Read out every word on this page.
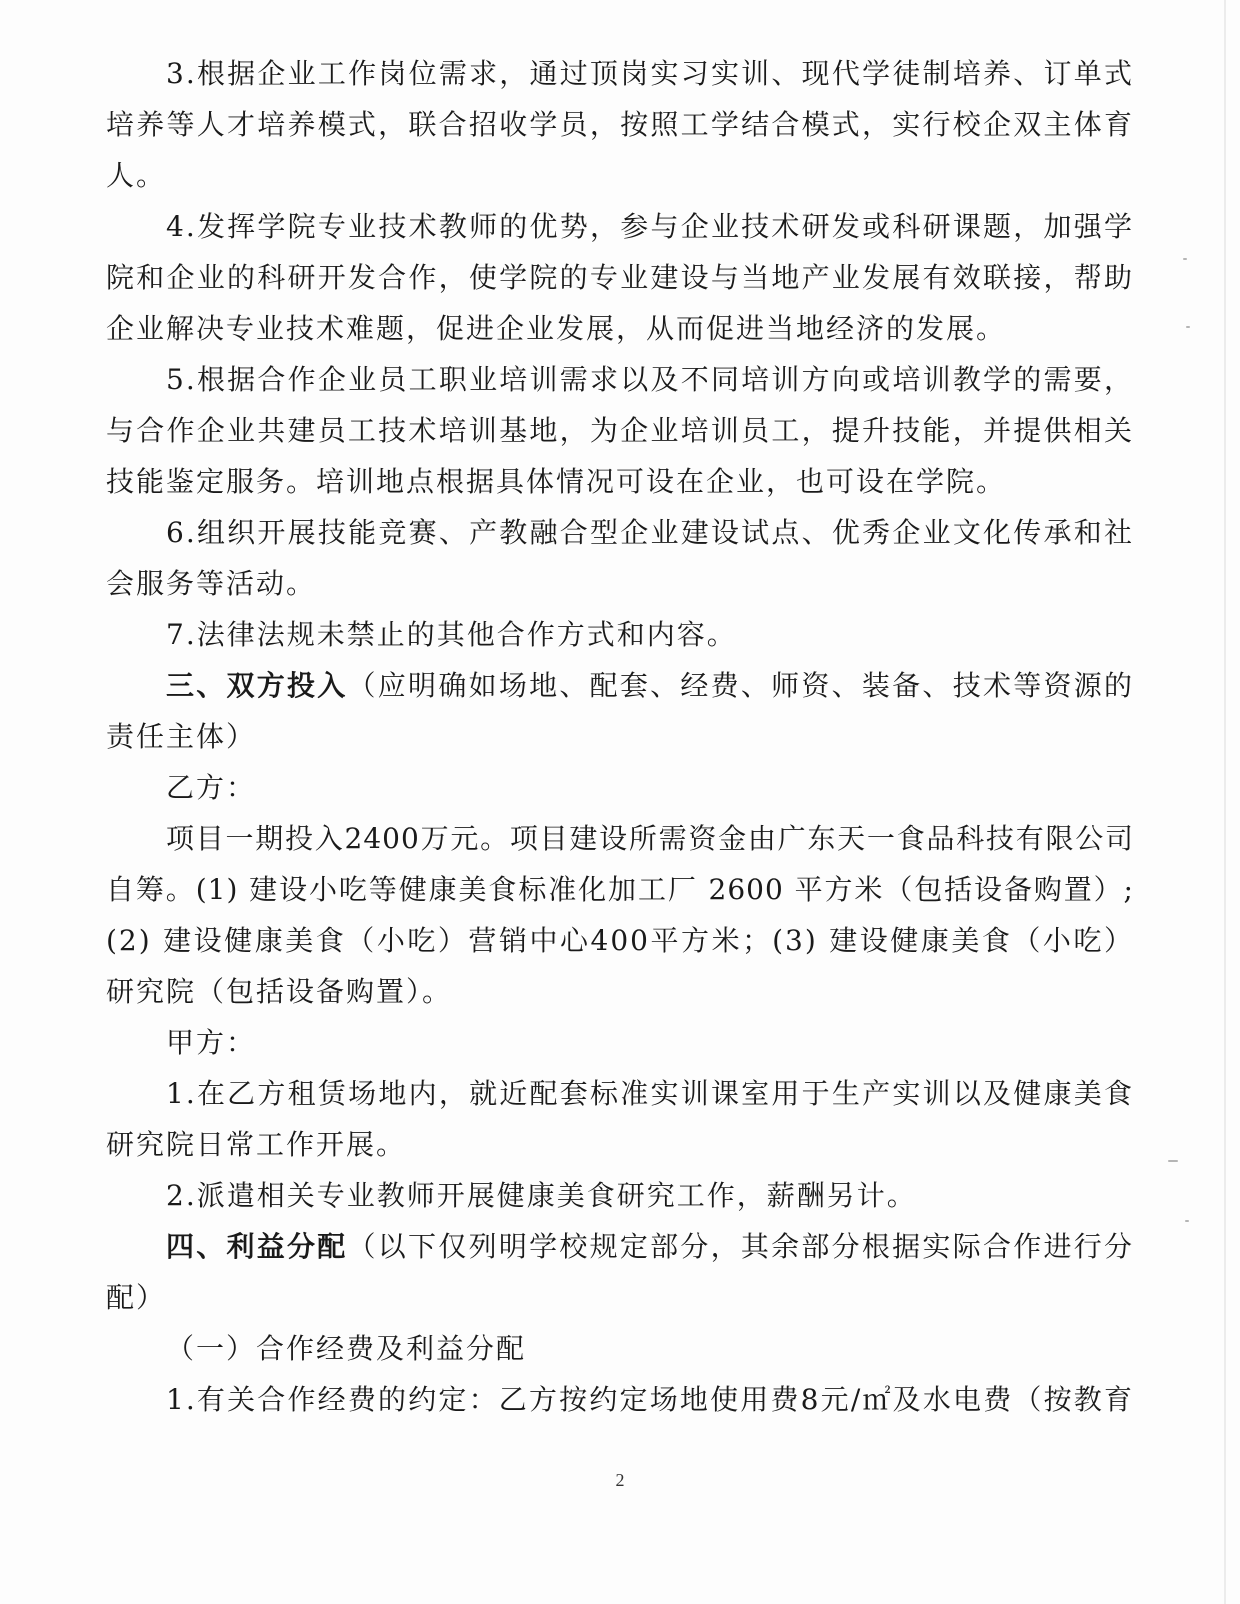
3.根据企业工作岗位需求，通过顶岗实习实训、现代学徒制培养、订单式
培养等人才培养模式，联合招收学员，按照工学结合模式，实行校企双主体育
人。
4.发挥学院专业技术教师的优势，参与企业技术研发或科研课题，加强学
院和企业的科研开发合作，使学院的专业建设与当地产业发展有效联接，帮助
企业解决专业技术难题，促进企业发展，从而促进当地经济的发展。
5.根据合作企业员工职业培训需求以及不同培训方向或培训教学的需要，
与合作企业共建员工技术培训基地，为企业培训员工，提升技能，并提供相关
技能鉴定服务。培训地点根据具体情况可设在企业，也可设在学院。
6.组织开展技能竞赛、产教融合型企业建设试点、优秀企业文化传承和社
会服务等活动。
7.法律法规未禁止的其他合作方式和内容。
三、双方投入（应明确如场地、配套、经费、师资、装备、技术等资源的
责任主体）
乙方：
项目一期投入2400万元。项目建设所需资金由广东天一食品科技有限公司
自筹。(1) 建设小吃等健康美食标准化加工厂 2600 平方米（包括设备购置）;
(2) 建设健康美食（小吃）营销中心400平方米；(3) 建设健康美食（小吃）
研究院（包括设备购置）。
甲方：
1.在乙方租赁场地内，就近配套标准实训课室用于生产实训以及健康美食
研究院日常工作开展。
2.派遣相关专业教师开展健康美食研究工作，薪酬另计。
四、利益分配（以下仅列明学校规定部分，其余部分根据实际合作进行分
配）
（一）合作经费及利益分配
1.有关合作经费的约定：乙方按约定场地使用费8元/㎡及水电费（按教育
2
